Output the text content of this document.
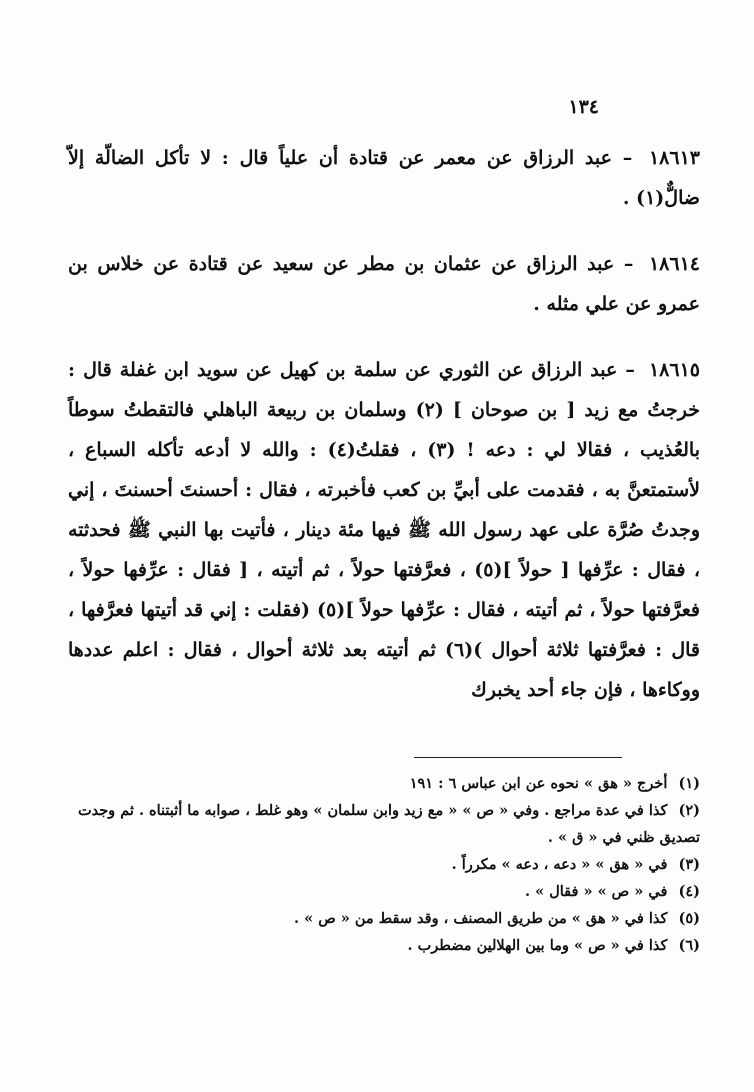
١٣٤

١٨٦١٣ – عبد الرزاق عن معمر عن قتادة أن علياً قال : لا تأكل الضالّة إلاّ ضالٌّ(١) .

١٨٦١٤ – عبد الرزاق عن عثمان بن مطر عن سعيد عن قتادة عن خلاس بن عمرو عن علي مثله .

١٨٦١٥ – عبد الرزاق عن الثوري عن سلمة بن كهيل عن سويد ابن غفلة قال : خرجتُ مع زيد [ بن صوحان ] (٢) وسلمان بن ربيعة الباهلي فالتقطتُ سوطاً بالعُذيب ، فقالا لي : دعه ! (٣) ، فقلتُ(٤) : والله لا أدعه تأكله السباع ، لأستمتعنَّ به ، فقدمت على أبيِّ بن كعب فأخبرته ، فقال : أحسنتَ أحسنتَ ، إني وجدتُ صُرَّة على عهد رسول الله ﷺ فيها مئة دينار ، فأتيت بها النبي ﷺ فحدثته ، فقال : عرِّفها [ حولاً ](٥) ، فعرَّفتها حولاً ، ثم أتيته ، [ فقال : عرِّفها حولاً ، فعرَّفتها حولاً ، ثم أتيته ، فقال : عرِّفها حولاً ](٥) (فقلت : إني قد أتيتها فعرَّفها ، قال : فعرَّفتها ثلاثة أحوال )(٦) ثم أتيته بعد ثلاثة أحوال ، فقال : اعلم عددها ووكاءها ، فإن جاء أحد يخبرك

(١) أخرج « هق » نحوه عن ابن عباس ٦ : ١٩١

(٢) كذا في عدة مراجع . وفي « ص » « مع زيد وابن سلمان » وهو غلط ، صوابه ما أثبتناه . ثم وجدت تصديق ظني في « ق » .

(٣) في « هق » « دعه ، دعه » مكرراً .

(٤) في « ص » « فقال » .

(٥) كذا في « هق » من طريق المصنف ، وقد سقط من « ص » .

(٦) كذا في « ص » وما بين الهلالين مضطرب .
